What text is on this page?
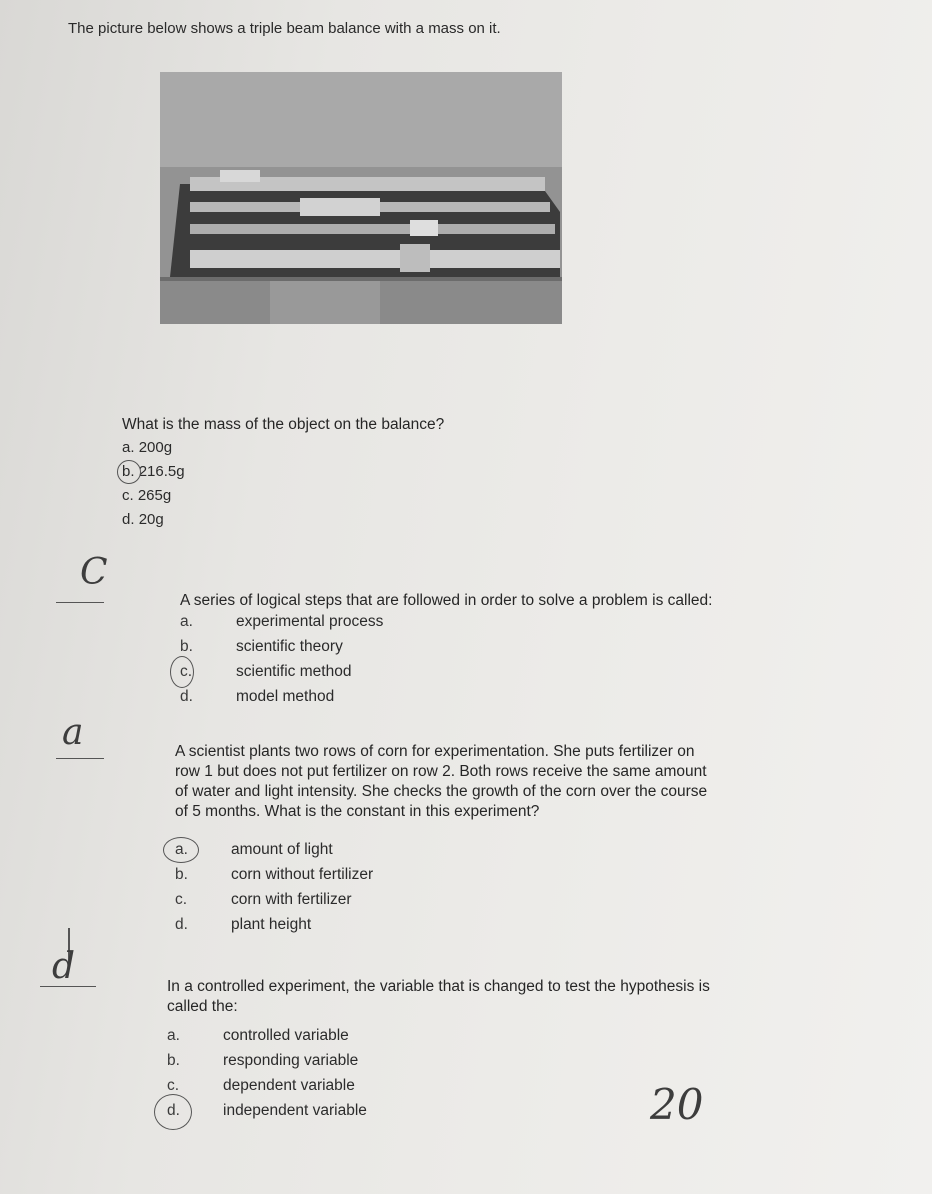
The picture below shows a triple beam balance with a mass on it.
What is the mass of the object on the balance?
a. 200g
b. 216.5g
c. 265g
d. 20g
C
A series of logical steps that are followed in order to solve a problem is called:
a.	experimental process
b.	scientific theory
c.	scientific method
d.	model method
a	A scientist plants two rows of corn for experimentation. She puts fertilizer on
row 1 but does not put fertilizer on row 2. Both rows receive the same amount
of water and light intensity. She checks the growth of the corn over the course
of 5 months. What is the constant in this experiment?
a.	amount of light
b.	corn without fertilizer
c.	corn with fertilizer
d.	plant height
d	In a controlled experiment, the variable that is changed to test the hypothesis is
called the:
a.	controlled variable
b.	responding variable
c.	dependent variable
d.	independent variable	20
